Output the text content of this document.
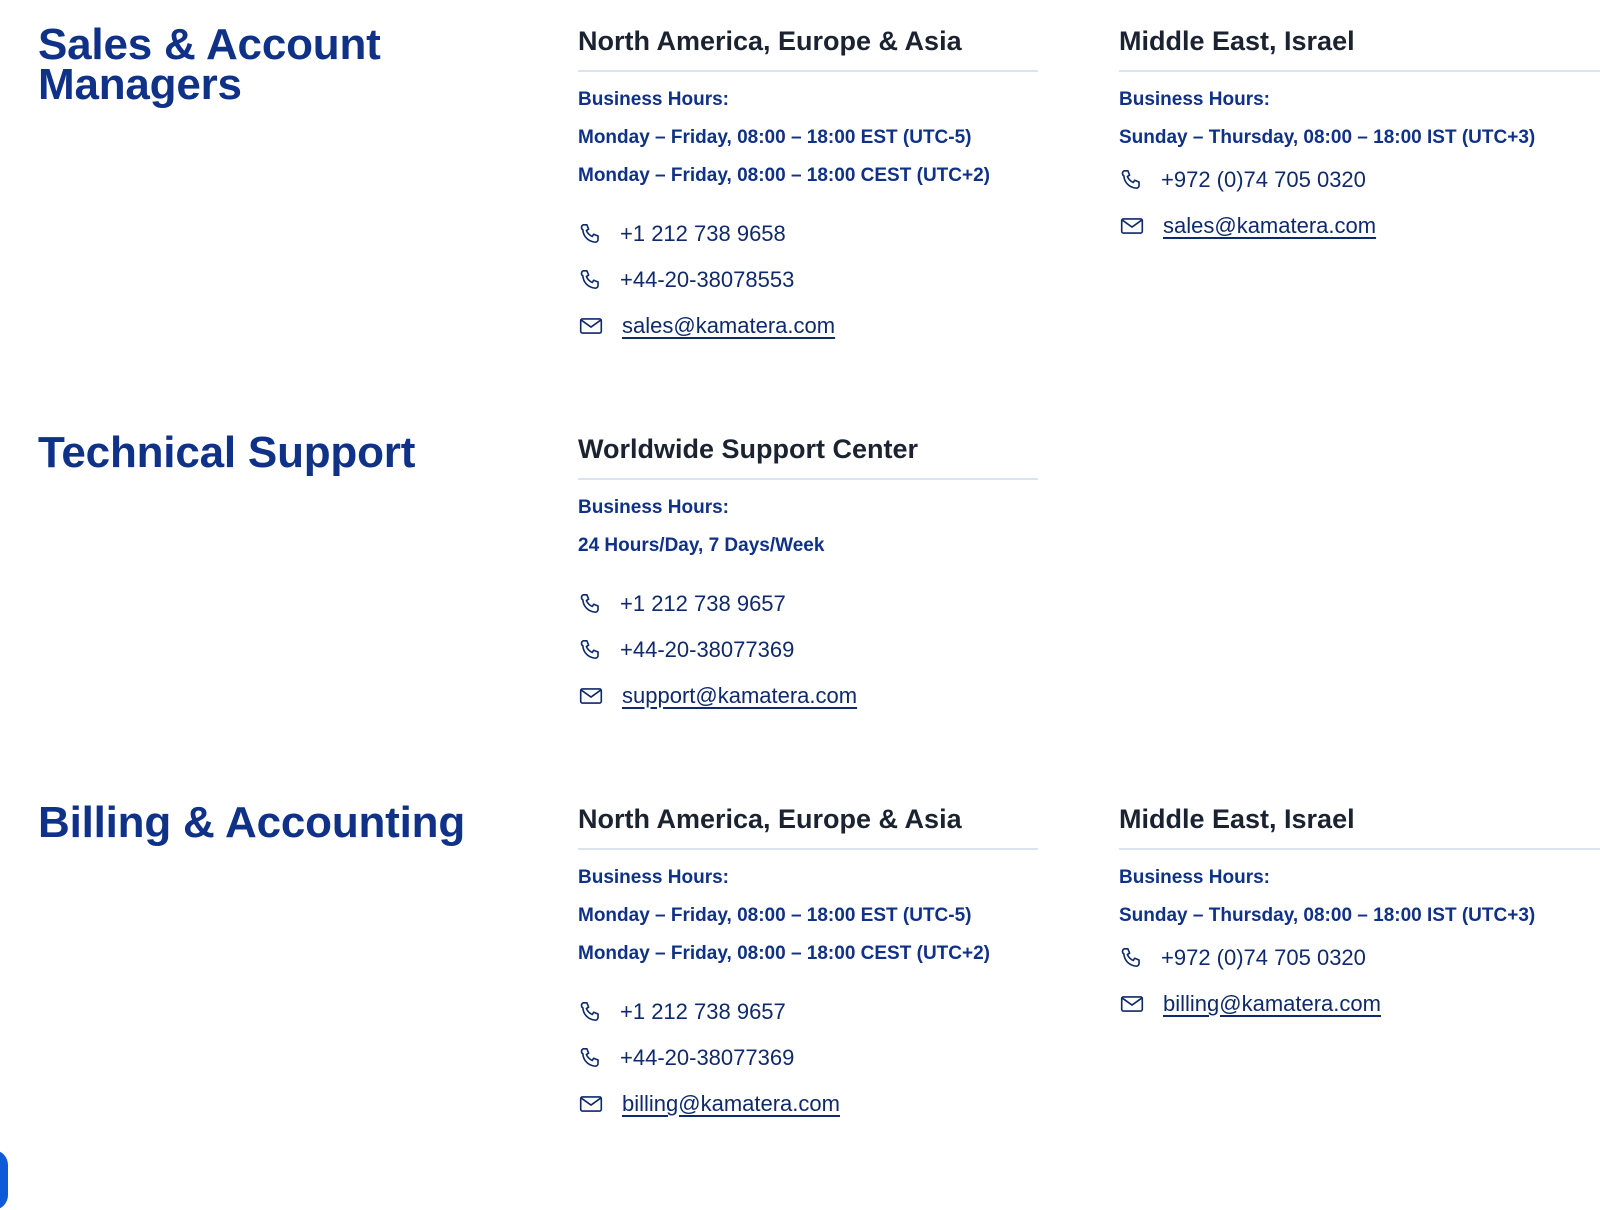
Sales & Account Managers
North America, Europe & Asia
Business Hours:
Monday – Friday, 08:00 – 18:00 EST (UTC-5)
Monday – Friday, 08:00 – 18:00 CEST (UTC+2)
+1 212 738 9658
+44-20-38078553
sales@kamatera.com
Middle East, Israel
Business Hours:
Sunday – Thursday, 08:00 – 18:00 IST (UTC+3)
+972 (0)74 705 0320
sales@kamatera.com
Technical Support	Worldwide Support Center
Business Hours:
24 Hours/Day, 7 Days/Week
+1 212 738 9657
+44-20-38077369
support@kamatera.com
Billing & Accounting	North America, Europe & Asia
Business Hours:
Monday – Friday, 08:00 – 18:00 EST (UTC-5)
Monday – Friday, 08:00 – 18:00 CEST (UTC+2)
+1 212 738 9657
+44-20-38077369
billing@kamatera.com
Middle East, Israel
Business Hours:
Sunday – Thursday, 08:00 – 18:00 IST (UTC+3)
+972 (0)74 705 0320
billing@kamatera.com
